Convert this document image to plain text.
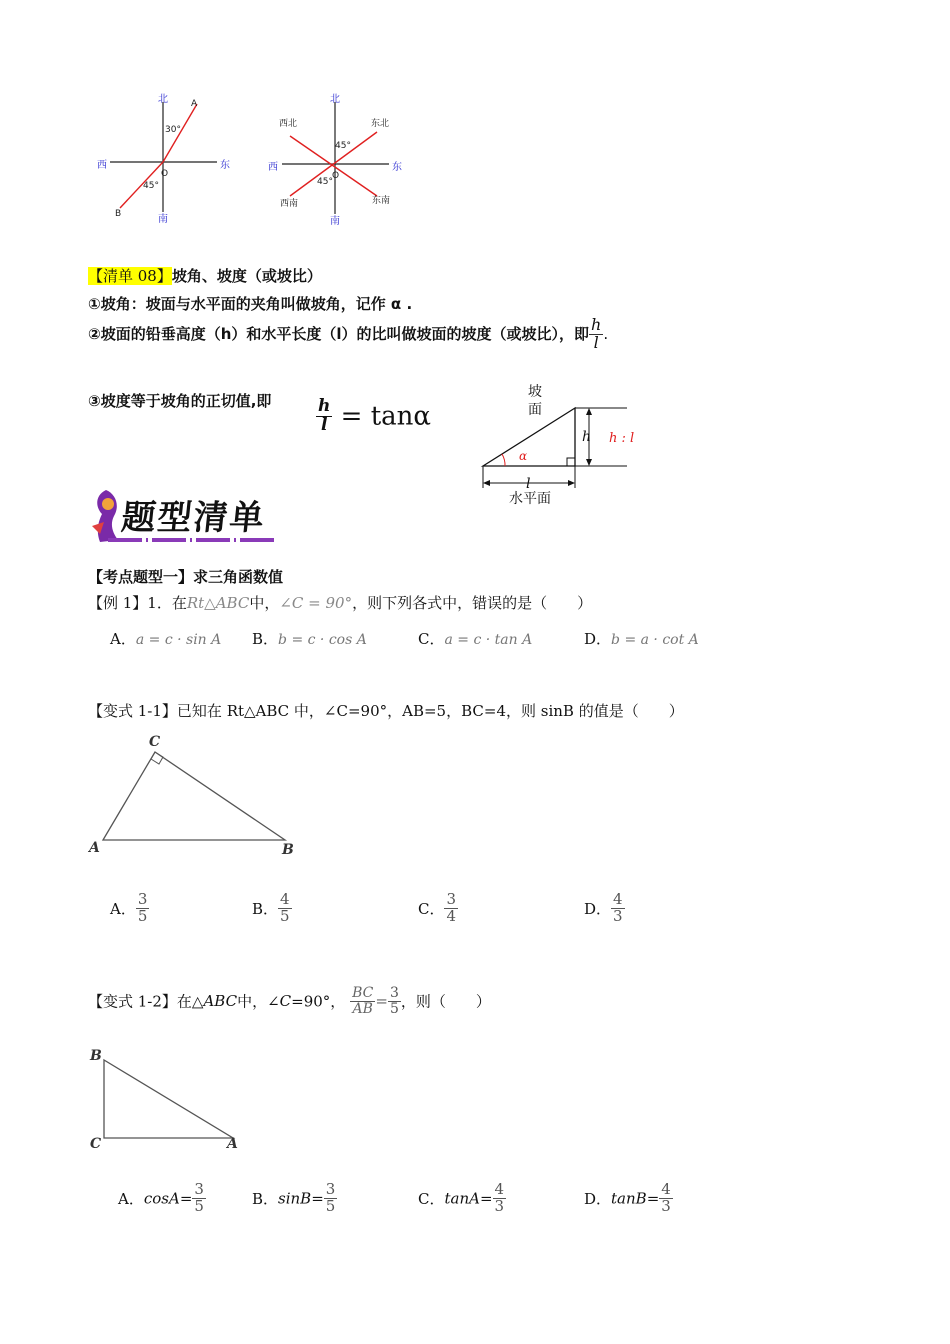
北
南
西	东
A
B
O
30°
45°
北
南
西	东
西北	东北
西南	东南
O
45°
45°
【清单 08】坡角、坡度（或坡比）
①坡角：坡面与水平面的夹角叫做坡角，记作 α .
②坡面的铅垂高度（h）和水平长度（l）的比叫做坡面的坡度（或坡比），即 $\frac{h}{l}$ .
③坡度等于坡角的正切值,即	$\frac{h}{l} = \tan\alpha$
坡
面
α
h h : l
l
水平面
题型清单
【考点题型一】求三角函数值
【例 1】1．在Rt△ABC中，∠C = 90°，则下列各式中，错误的是（　　）
A．a = c · sin A B．b = c · cos A	C．a = c · tan A	D．b = a · cot A
【变式 1-1】已知在 Rt△ABC 中，∠C=90°，AB=5，BC=4，则 sinB 的值是（　　）
C
A	B
A． $\frac{3}{5}$	B． $\frac{4}{5}$	C． $\frac{3}{4}$	D． $\frac{4}{3}$
【变式 1-2】在△ABC中，∠C=90°， $\frac{BC}{AB} = \frac{3}{5}$ ，则（　　）
B
C	A
A．$\cos A= \frac{3}{5}$	B．$\sin B= \frac{3}{5}$	C．$\tan A= \frac{4}{3}$	D．$\tan B= \frac{4}{3}$
